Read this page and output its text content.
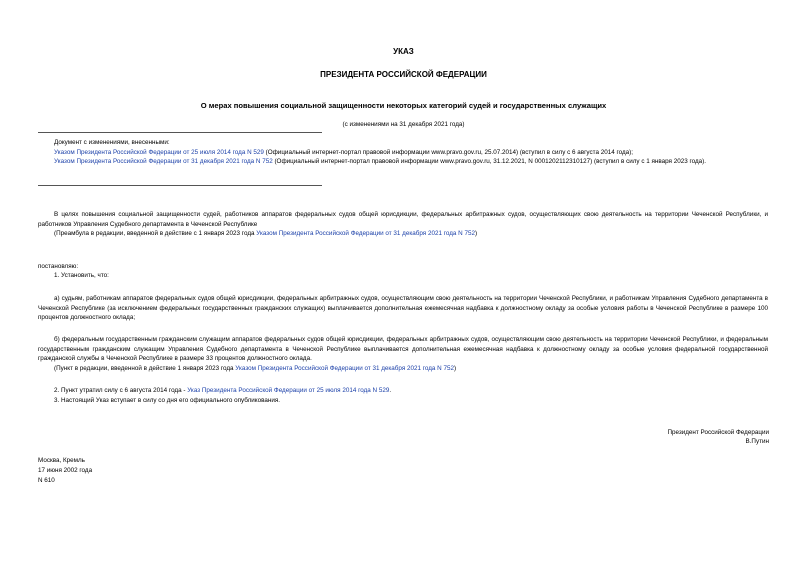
УКАЗ
ПРЕЗИДЕНТА РОССИЙСКОЙ ФЕДЕРАЦИИ
О мерах повышения социальной защищенности некоторых категорий судей и государственных служащих
(с изменениями на 31 декабря 2021 года)
Документ с изменениями, внесенными:
Указом Президента Российской Федерации от 25 июля 2014 года N 529 (Официальный интернет-портал правовой информации www.pravo.gov.ru, 25.07.2014) (вступил в силу с 6 августа 2014 года);
Указом Президента Российской Федерации от 31 декабря 2021 года N 752 (Официальный интернет-портал правовой информации www.pravo.gov.ru, 31.12.2021, N 0001202112310127) (вступил в силу с 1 января 2023 года).
В целях повышения социальной защищенности судей, работников аппаратов федеральных судов общей юрисдикции, федеральных арбитражных судов, осуществляющих свою деятельность на территории Чеченской Республики, и работников Управления Судебного департамента в Чеченской Республике
(Преамбула в редакции, введенной в действие с 1 января 2023 года Указом Президента Российской Федерации от 31 декабря 2021 года N 752)
постановляю:
1. Установить, что:
а) судьям, работникам аппаратов федеральных судов общей юрисдикции, федеральных арбитражных судов, осуществляющим свою деятельность на территории Чеченской Республики, и работникам Управления Судебного департамента в Чеченской Республике (за исключением федеральных государственных гражданских служащих) выплачивается дополнительная ежемесячная надбавка к должностному окладу за особые условия работы в Чеченской Республике в размере 100 процентов должностного оклада;
б) федеральным государственным гражданским служащим аппаратов федеральных судов общей юрисдикции, федеральных арбитражных судов, осуществляющим свою деятельность на территории Чеченской Республики, и федеральным государственным гражданским служащим Управления Судебного департамента в Чеченской Республике выплачивается дополнительная ежемесячная надбавка к должностному окладу за особые условия федеральной государственной гражданской службы в Чеченской Республике в размере 33 процентов должностного оклада.
(Пункт в редакции, введенной в действие 1 января 2023 года Указом Президента Российской Федерации от 31 декабря 2021 года N 752)
2. Пункт утратил силу с 6 августа 2014 года - Указ Президента Российской Федерации от 25 июля 2014 года N 529.
3. Настоящий Указ вступает в силу со дня его официального опубликования.
Президент Российской Федерации
В.Путин
Москва, Кремль
17 июня 2002 года
N 610
